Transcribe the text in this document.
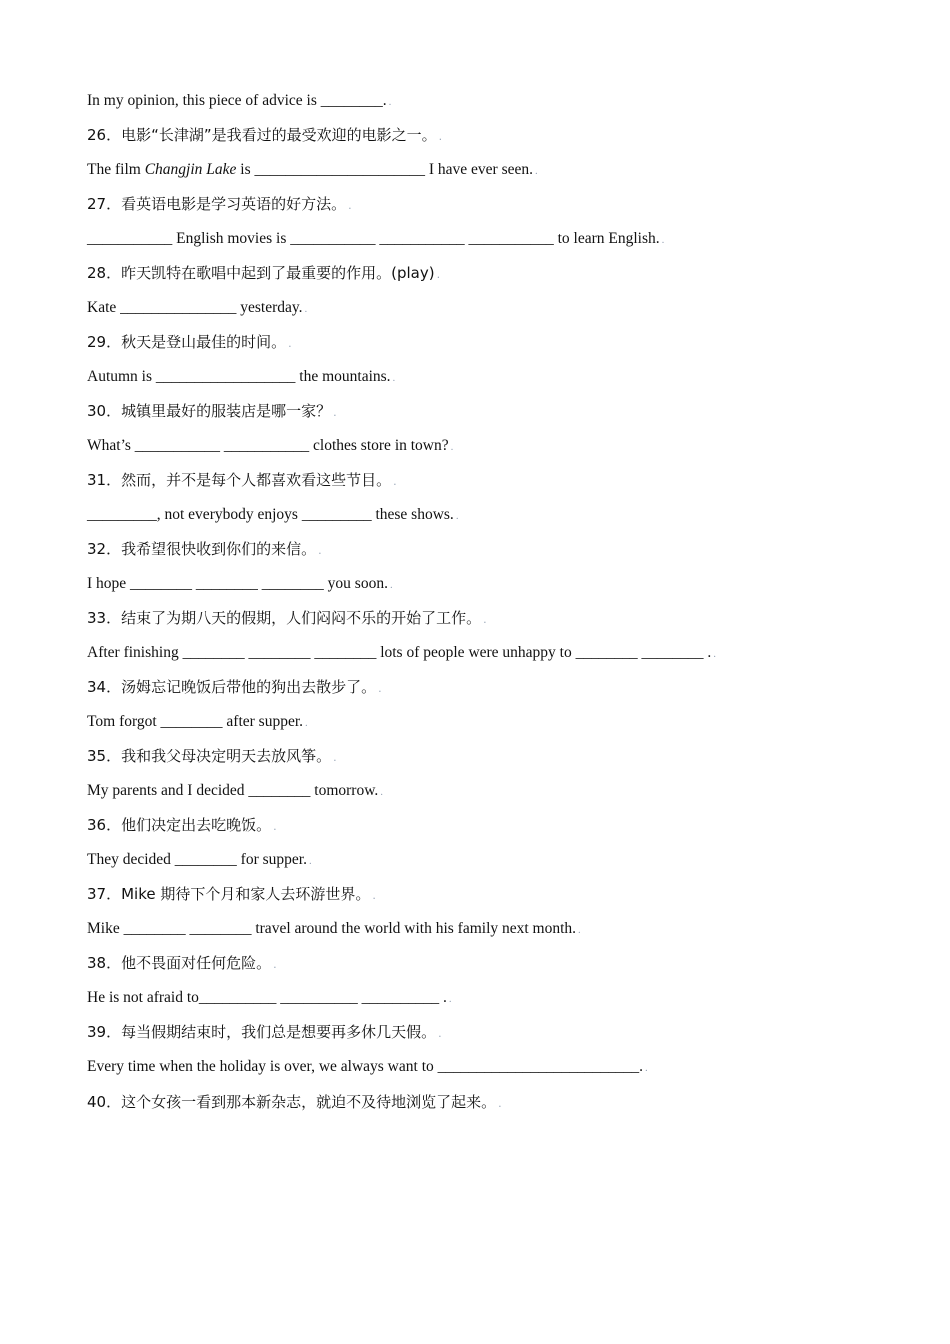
In my opinion, this piece of advice is ________. .
26．电影“长津湖”是我看过的最受欢迎的电影之一。 .
The film Changjin Lake is ______________________ I have ever seen. .
27．看英语电影是学习英语的好方法。 .
___________ English movies is ___________ ___________ ___________ to learn English. .
28．昨天凯特在歌唱中起到了最重要的作用。(play) .
Kate _______________ yesterday. .
29．秋天是登山最佳的时间。 .
Autumn is __________________ the mountains. .
30．城镇里最好的服装店是哪一家？ .
What’s ___________ ___________ clothes store in town? .
31．然而，并不是每个人都喜欢看这些节目。 .
_________, not everybody enjoys _________ these shows. .
32．我希望很快收到你们的来信。 .
I hope ________ ________ ________ you soon. .
33．结束了为期八天的假期，人们闷闷不乐的开始了工作。 .
After finishing ________ ________ ________ lots of people were unhappy to ________ ________ . .
34．汤姆忘记晚饭后带他的狗出去散步了。 .
Tom forgot ________ after supper. .
35．我和我父母决定明天去放风筝。 .
My parents and I decided ________ tomorrow. .
36．他们决定出去吃晚饭。 .
They decided ________ for supper. .
37．Mike 期待下个月和家人去环游世界。 .
Mike ________ ________ travel around the world with his family next month. .
38．他不畏面对任何危险。 .
He is not afraid to__________ __________ __________ . .
39．每当假期结束时，我们总是想要再多休几天假。 .
Every time when the holiday is over, we always want to __________________________. .
40．这个女孩一看到那本新杂志，就迫不及待地浏览了起来。 .
